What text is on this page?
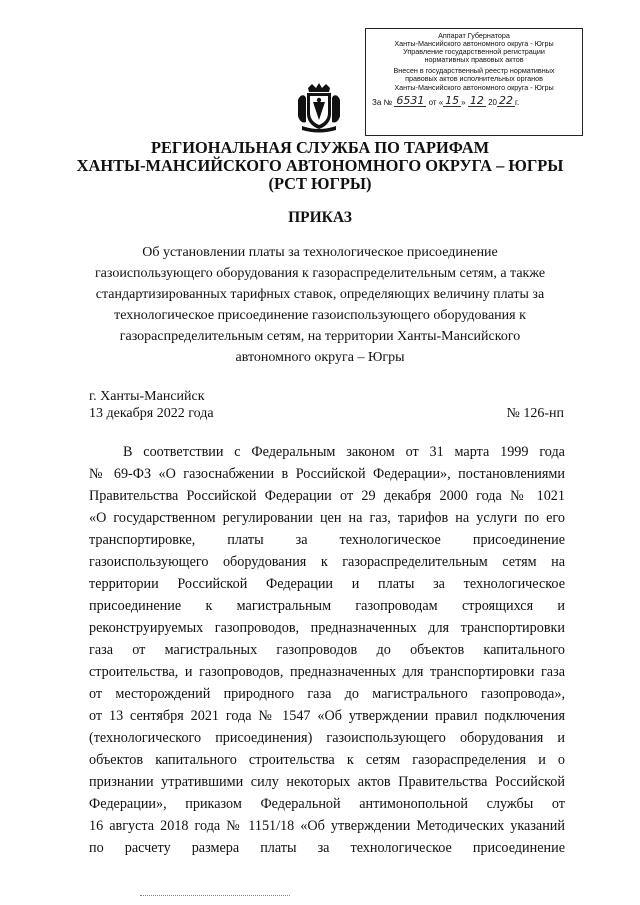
Аппарат Губернатора
Ханты-Мансийского автономного округа - Югры
Управление государственной регистрации
нормативных правовых актов
Внесен в государственный реестр нормативных
правовых актов исполнительных органов
Ханты-Мансийского автономного округа - Югры
За №
6531
от « 15 »
12
20 22 г.
РЕГИОНАЛЬНАЯ СЛУЖБА ПО ТАРИФАМ
ХАНТЫ-МАНСИЙСКОГО АВТОНОМНОГО ОКРУГА – ЮГРЫ
(РСТ ЮГРЫ)
ПРИКАЗ
Об установлении платы за технологическое присоединение
газоиспользующего оборудования к газораспределительным сетям, а также
стандартизированных тарифных ставок, определяющих величину платы за
технологическое присоединение газоиспользующего оборудования к
газораспределительным сетям, на территории Ханты-Мансийского
автономного округа – Югры
г. Ханты-Мансийск
13 декабря 2022 года	№ 126-нп
В соответствии с Федеральным законом от 31 марта 1999 года
№ 69-ФЗ «О газоснабжении в Российской Федерации», постановлениями
Правительства Российской Федерации от 29 декабря 2000 года № 1021
«О государственном регулировании цен на газ, тарифов на услуги по его
транспортировке, платы за технологическое присоединение
газоиспользующего оборудования к газораспределительным сетям на
территории Российской Федерации и платы за технологическое
присоединение к магистральным газопроводам строящихся и
реконструируемых газопроводов, предназначенных для транспортировки
газа от магистральных газопроводов до объектов капитального
строительства, и газопроводов, предназначенных для транспортировки газа
от месторождений природного газа до магистрального газопровода»,
от 13 сентября 2021 года № 1547 «Об утверждении правил подключения
(технологического присоединения) газоиспользующего оборудования и
объектов капитального строительства к сетям газораспределения и о
признании утратившими силу некоторых актов Правительства Российской
Федерации», приказом Федеральной антимонопольной службы от
16 августа 2018 года № 1151/18 «Об утверждении Методических указаний
по расчету размера платы за технологическое присоединение
